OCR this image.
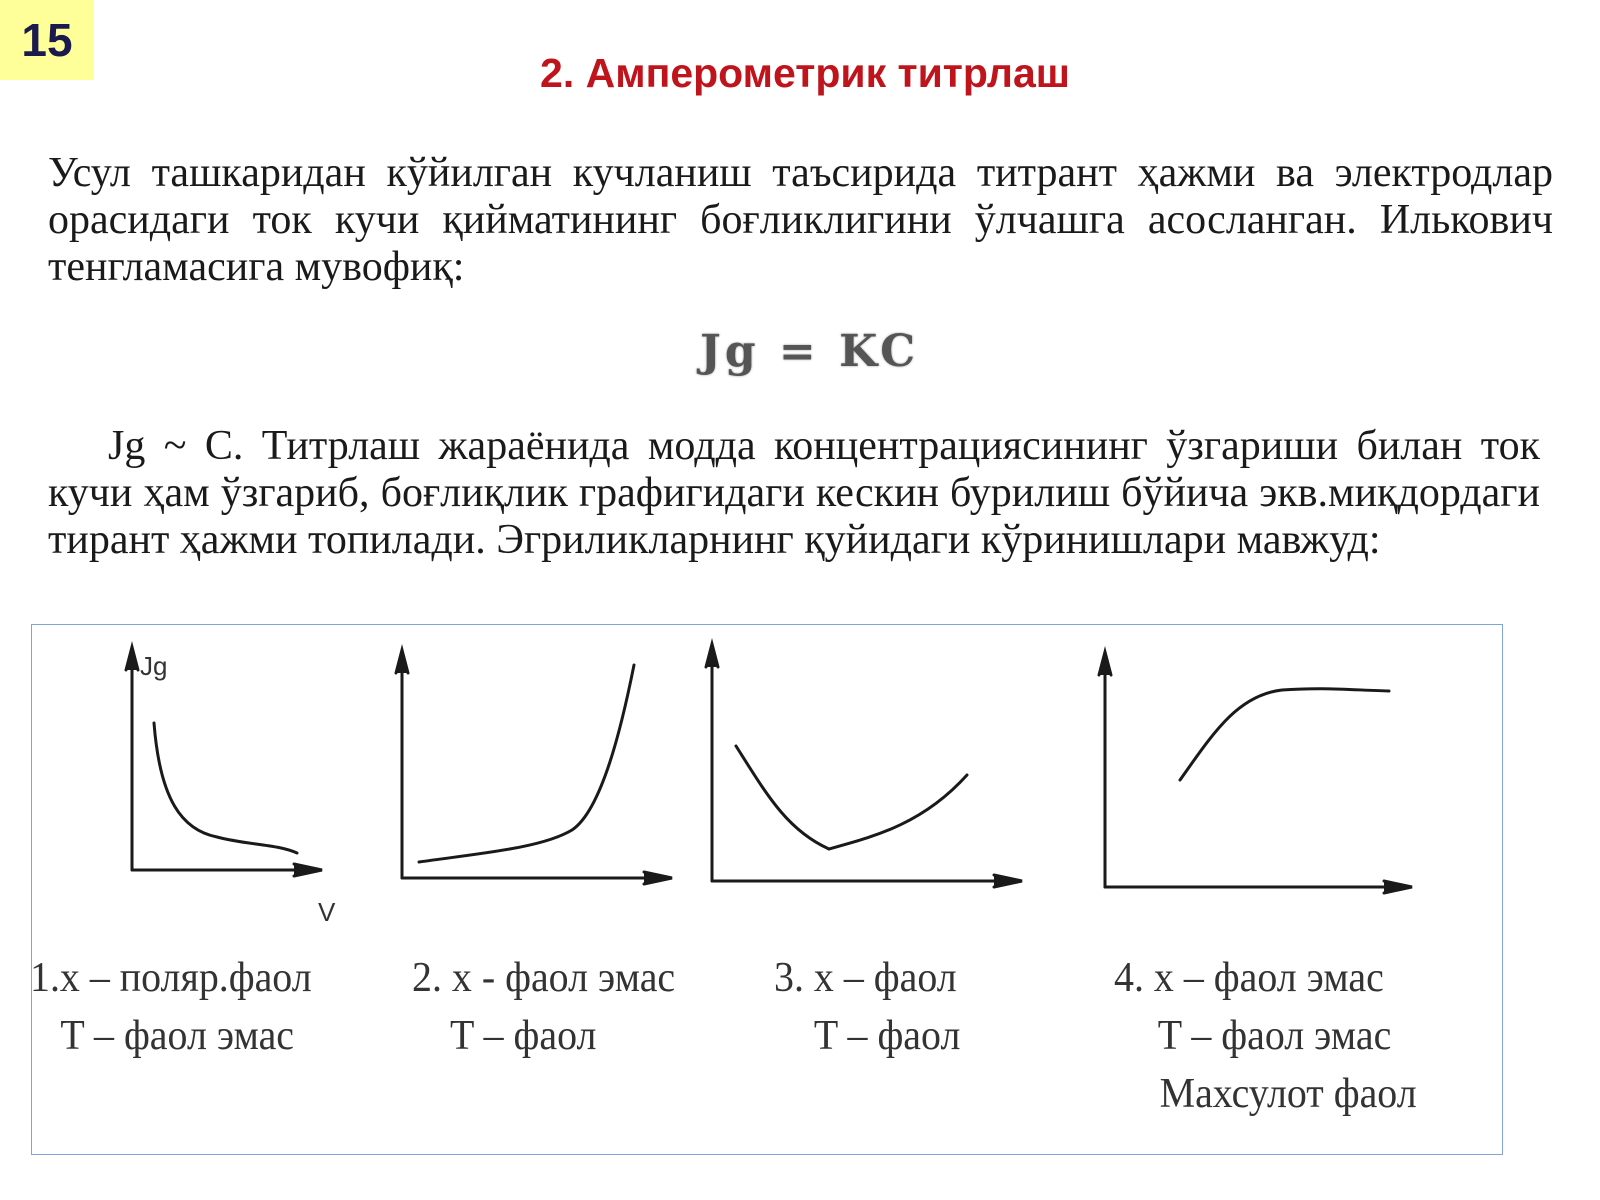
15
2. Амперометрик титрлаш

Усул ташкаридан кўйилган кучланиш таъсирида титрант ҳажми ва электродлар орасидаги ток кучи қийматининг боғликлигини ўлчашга асосланган. Илькович тенгламасига мувофиқ:

Jg = KC

Jg ~ C. Титрлаш жараёнида модда концентрациясининг ўзгариши билан ток кучи ҳам ўзгариб, боғлиқлик графигидаги кескин бурилиш бўйича экв.миқдордаги тирант ҳажми топилади. Эгриликларнинг қуйидаги кўринишлари мавжуд:

Jg
V
1.x – поляр.фаол
T – фаол эмас
2. x - фаол эмас
T – фаол
3. x – фаол
T – фаол
4. x – фаол эмас
T – фаол эмас
Махсулот фаол
